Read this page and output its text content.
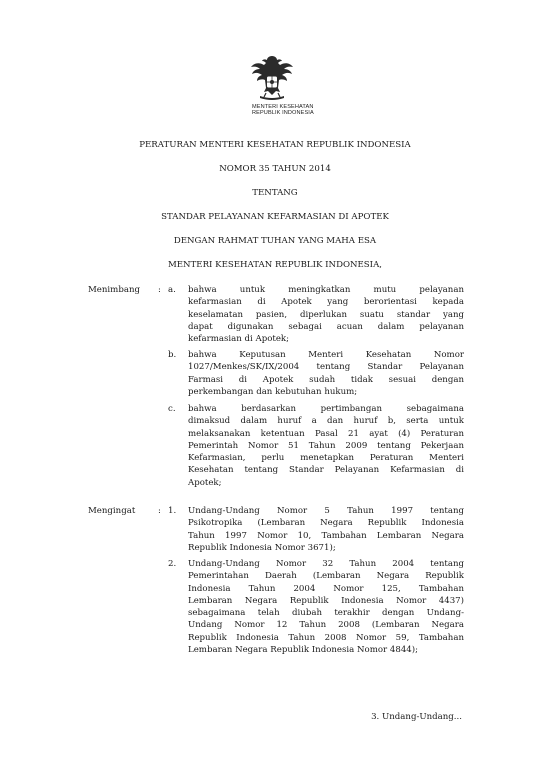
MENTERI KESEHATAN
REPUBLIK INDONESIA
PERATURAN MENTERI KESEHATAN REPUBLIK INDONESIA
NOMOR 35 TAHUN 2014
TENTANG
STANDAR PELAYANAN KEFARMASIAN DI APOTEK
DENGAN RAHMAT TUHAN YANG MAHA ESA
MENTERI KESEHATAN REPUBLIK INDONESIA,
Menimbang : a.	bahwa untuk meningkatkan mutu pelayanan
kefarmasian di Apotek yang berorientasi kepada
keselamatan pasien, diperlukan suatu standar yang
dapat digunakan sebagai acuan dalam pelayanan
kefarmasian di Apotek;
b.	bahwa Keputusan Menteri Kesehatan Nomor
1027/Menkes/SK/IX/2004 tentang Standar Pelayanan
Farmasi di Apotek sudah tidak sesuai dengan
perkembangan dan kebutuhan hukum;
c.	bahwa berdasarkan pertimbangan sebagaimana
dimaksud dalam huruf a dan huruf b, serta untuk
melaksanakan ketentuan Pasal 21 ayat (4) Peraturan
Pemerintah Nomor 51 Tahun 2009 tentang Pekerjaan
Kefarmasian, perlu menetapkan Peraturan Menteri
Kesehatan tentang Standar Pelayanan Kefarmasian di
Apotek;
Mengingat	: 1.	Undang-Undang Nomor 5 Tahun 1997 tentang
Psikotropika (Lembaran Negara Republik Indonesia
Tahun 1997 Nomor 10, Tambahan Lembaran Negara
Republik Indonesia Nomor 3671);
2.	Undang-Undang Nomor 32 Tahun 2004 tentang
Pemerintahan Daerah (Lembaran Negara Republik
Indonesia Tahun 2004 Nomor 125, Tambahan
Lembaran Negara Republik Indonesia Nomor 4437)
sebagaimana telah diubah terakhir dengan Undang-
Undang Nomor 12 Tahun 2008 (Lembaran Negara
Republik Indonesia Tahun 2008 Nomor 59, Tambahan
Lembaran Negara Republik Indonesia Nomor 4844);
3. Undang-Undang...
